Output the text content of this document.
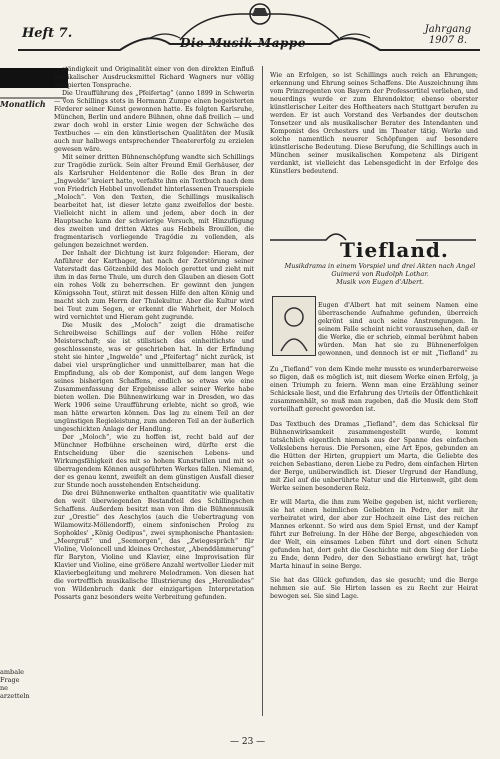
Heft 7.
Die Musik-Mappe
Jahrgang
1907 8.
Monatlich
ambale
Frage
ne
arzetteln

ständigkeit und Originalität einer von den direkten Einfluß musikalischer Ausdrucksmittel Richard Wagners nur völlig unzipierten Tonsprache.

Die Uraufführung des „Pfeifertag“ (anno 1899 in Schwerin — von Schillings stets in Hermann Zumpe einen begeisterten Förderer seiner Kunst gewonnen hatte. Es folgten Karlsruhe, München, Berlin und andere Bühnen, ohne daß freilich — und zwar doch wohl in erster Linie wegen der Schwäche des Textbuches — ein den künstlerischen Qualitäten der Musik auch nur halbwegs entsprechender Theatererfolg zu erzielen gewesen wäre.

Mit seiner dritten Bühnenschöpfung wandte sich Schillings zur Tragödie zurück. Sein alter Freund Emil Gerhäuser, der als Karlsruher Heldentenor die Rolle des Bran in der „Ingwelde“ kreiert hatte, verfaßte ihm ein Textbuch nach dem von Friedrich Hebbel unvollendet hinterlassenen Trauerspiele „Moloch“. Von den Texten, die Schillings musikalisch bearbeitet hat, ist dieser letzte ganz zweifellos der beste. Vielleicht nicht in allem und jedem, aber doch in der Hauptsache kann der schwierige Versuch, mit Hinzufügung des zweiten und dritten Aktes aus Hebbels Brouillon, die fragmentarisch vorliegende Tragödie zu vollenden, als gelungen bezeichnet werden.

Der Inhalt der Dichtung ist kurz folgender: Hieram, der Anführer der Karthager, hat nach der Zerstörung seiner Vaterstadt das Götzenbild des Moloch gerettet und zieht mit ihm in das ferne Thule, um durch den Glauben an diesen Gott ein rohes Volk zu beherrschen. Er gewinnt den jungen Königssohn Teut, stürzt mit dessen Hilfe den alten König und macht sich zum Herrn der Thulekultur. Aber die Kultur wird bei Teut zum Segen, er erkennt die Wahrheit, der Moloch wird vernichtet und Hieram geht zugrunde.

Die Musik des „Moloch“ zeigt die dramatische Schreibweise Schillings auf der vollen Höhe reifer Meisterschaft; sie ist stilistisch das einheitlichste und geschlossenste, was er geschrieben hat. In der Erfindung steht sie hinter „Ingwelde“ und „Pfeifertag“ nicht zurück, ist dabei viel ursprünglicher und unmittelbarer, man hat die Empfindung, als ob der Komponist, auf dem langen Wege seines bisherigen Schaffens, endlich so etwas wie eine Zusammenfassung der Ergebnisse aller seiner Werke habe bieten wollen. Die Bühnenwirkung war in Dresden, wo das Werk 1906 seine Uraufführung erlebte, nicht so groß, wie man hätte erwarten können. Das lag zu einem Teil an der ungünstigen Regieleistung, zum anderen Teil an der äußerlich ungeschickten Anlage der Handlung.

Der „Moloch“, wie zu hoffen ist, recht bald auf der Münchner Hofbühne erscheinen wird, dürfte erst die Entscheidung über die szenischen Lebens- und Wirkungsfähigkeit des mit so hohem Kunstwillen und mit so überragendem Können ausgeführten Werkes fallen. Niemand, der es genau kennt, zweifelt an dem günstigen Ausfall dieser zur Stunde noch ausstehenden Entscheidung.

Die drei Bühnenwerke enthalten quantitativ wie qualitativ den weit überwiegenden Bestandteil des Schillingschen Schaffens. Außerdem besitzt man von ihm die Bühnenmusik zur „Orestie“ des Aeschylos (auch die Uebertragung von Wilamowitz-Möllendorff), einem sinfonischen Prolog zu Sophokles' „König Oedipus“, zwei symphonische Phantasien: „Meergruß“ und „Seemorgen“, das „Zwiegespräch“ für Violine, Violoncell und kleines Orchester, „Abenddämmerung“ für Baryton, Violine und Klavier, eine Improvisation für Klavier und Violine, eine größere Anzahl wertvoller Lieder mit Klavierbegleitung und mehrere Melodramen. Von diesen hat die vortrefflich musikalische Illustrierung des „Herenliedes“ von Wildenbruch dank der einzigartigen Interpretation Possarts ganz besonders weite Verbreitung gefunden.

Wie an Erfolgen, so ist Schillings auch reich an Ehrungen; erkennung und Ehrung seines Schaffens. Die Auszeichnung ihm vom Prinzregenten von Bayern der Professortitel verliehen, und neuerdings wurde er zum Ehrendoktor, ebenso oberster künstlerischer Leiter des Hoftheaters nach Stuttgart berufen zu werden. Er ist auch Vorstand des Verbandes der deutschen Tonsetzer und als musikalischer Berater des Intendanten und Komponist des Orchesters und im Theater tätig. Werke und solche namentlich neuerer Schöpfungen auf besondere künstlerische Bedeutung. Diese Berufung, die Schillings auch in München seiner musikalischen Kompetenz als Dirigent verdankt, ist vielleicht das Lebensgedicht in der Erfolge des Künstlers bedeutend.

Tiefland.
Musikdrama in einem Vorspiel und drei Akten nach Angel Guimerá von Rudolph Lothar.
Musik von Eugen d'Albert.

Eugen d'Albert hat mit seinem Namen eine überraschende Aufnahme gefunden, überreich gekrönt sind auch seine Anstrengungen. In seinem Falle scheint nicht vorauszusehen, daß er die Werke, die er schrieb, einmal berühmt haben würden. Man hat sie zu Bühnenerfolgen gewonnen, und dennoch ist er mit „Tiefland“ zu

Zu „Tiefland“ von dem Kinde mehr musste es wunderbarerweise so fügen, daß es möglich ist, mit diesem Werke einen Erfolg, ja einen Triumph zu feiern. Wenn man eine Erzählung seiner Schicksale liest, und die Erfahrung des Urteils der Öffentlichkeit zusammenhält, so muß man zugeben, daß die Musik dem Stoff vorteilhaft gerecht geworden ist.

Das Textbuch des Dramas „Tiefland“, dem das Schicksal für Bühnenwirksamkeit zusammengestellt wurde, kommt tatsächlich eigentlich niemals aus der Spanne des einfachen Volkslebens heraus. Die Personen, eine Art Epos, gebunden an die Hütten der Hirten, gruppiert um Marta, die Geliebte des reichen Sebastiano, deren Liebe zu Pedro, dem einfachen Hirten der Berge, unüberwindlich ist. Dieser Urgrund der Handlung, mit Ziel auf die unberührte Natur und die Hirtenwelt, gibt dem Werke seinen besonderen Reiz.

Er will Marta, die ihm zum Weibe gegeben ist, nicht verlieren; sie hat einen heimlichen Geliebten in Pedro, der mit ihr verheiratet wird, der aber zur Hochzeit eine List des reichen Mannes erkennt. So wird aus dem Spiel Ernst, und der Kampf führt zur Befreiung. In der Höhe der Berge, abgeschieden von der Welt, ein einsames Leben führt und dort einen Schutz gefunden hat, dort geht die Geschichte mit dem Sieg der Liebe zu Ende, denn Pedro, der den Sebastiano erwürgt hat, trägt Marta hinauf in seine Berge.

Sie hat das Glück gefunden, das sie gesucht; und die Berge nehmen sie auf. Sie Hirten lassen es zu Recht zur Heirat bewogen sei. Sie sind Lage.

— 23 —
